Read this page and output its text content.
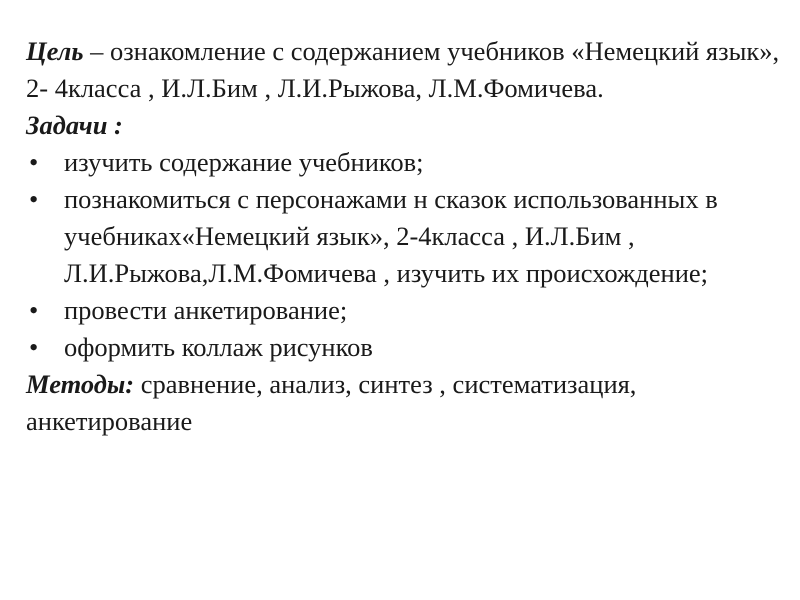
Цель – ознакомление с содержанием учебников «Немецкий язык», 2- 4класса , И.Л.Бим , Л.И.Рыжова, Л.М.Фомичева.

Задачи :

• изучить содержание учебников;
• познакомиться с персонажами н сказок использованных в учебниках«Немецкий язык», 2-4класса , И.Л.Бим , Л.И.Рыжова,Л.М.Фомичева , изучить их происхождение;
• провести анкетирование;
• оформить коллаж рисунков

Методы: сравнение, анализ, синтез , систематизация, анкетирование
